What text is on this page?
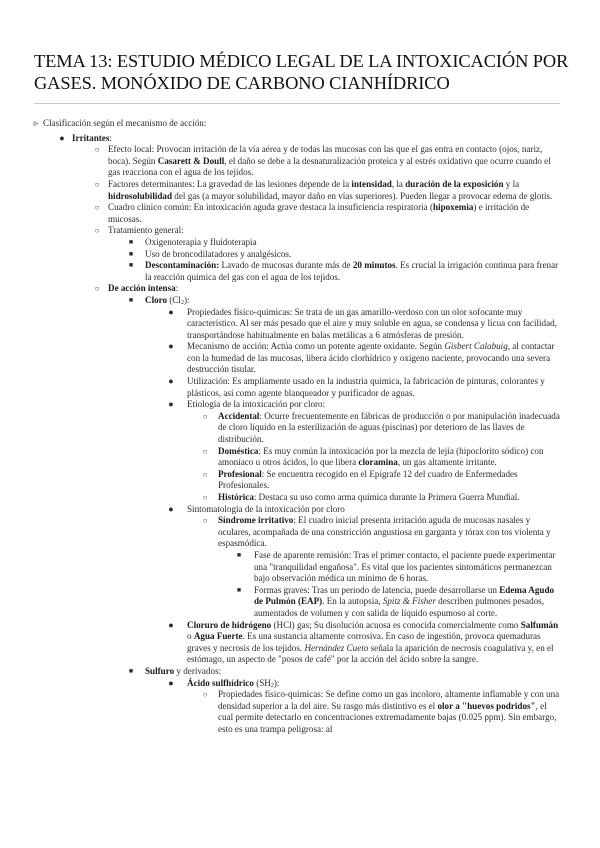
TEMA 13: ESTUDIO MÉDICO LEGAL DE LA INTOXICACIÓN POR GASES. MONÓXIDO DE CARBONO CIANHÍDRICO
▹ Clasificación según el mecanismo de acción:
● Irritantes:
○ Efecto local: Provocan irritación de la vía aérea y de todas las mucosas con las que el gas entra en contacto (ojos, nariz, boca). Según Casarett & Doull, el daño se debe a la desnaturalización proteica y al estrés oxidativo que ocurre cuando el gas reacciona con el agua de los tejidos.
○ Factores determinantes: La gravedad de las lesiones depende de la intensidad, la duración de la exposición y la hidrosolubilidad del gas (a mayor solubilidad, mayor daño en vías superiores). Pueden llegar a provocar edema de glotis.
○ Cuadro clínico común: En intoxicación aguda grave destaca la insuficiencia respiratoria (hipoxemia) e irritación de mucosas.
○ Tratamiento general:
■	Oxigenoterapia y fluidoterapia
■	Uso de broncodilatadores y analgésicos.
■	Descontaminación: Lavado de mucosas durante más de 20 minutos. Es crucial la irrigación continua para frenar la reacción química del gas con el agua de los tejidos.
○ De acción intensa:
■	Cloro $(Cl_2)$:
●	Propiedades físico-químicas: Se trata de un gas amarillo-verdoso con un olor sofocante muy característico. Al ser más pesado que el aire y muy soluble en agua, se condensa y licua con facilidad, transportándose habitualmente en balas metálicas a 6 atmósferas de presión.
●	Mecanismo de acción: Actúa como un potente agente oxidante. Según Gisbert Calabuig, al contactar con la humedad de las mucosas, libera ácido clorhídrico y oxígeno naciente, provocando una severa destrucción tisular.
●	Utilización: Es ampliamente usado en la industria química, la fabricación de pinturas, colorantes y plásticos, así como agente blanqueador y purificador de aguas.
●	Etiología de la intoxicación por cloro:
○	Accidental: Ocurre frecuentemente en fábricas de producción o por manipulación inadecuada de cloro líquido en la esterilización de aguas (piscinas) por deterioro de las llaves de distribución.
○	Doméstica: Es muy común la intoxicación por la mezcla de lejía (hipoclorito sódico) con amoníaco u otros ácidos, lo que libera cloramina, un gas altamente irritante.
○	Profesional: Se encuentra recogido en el Epígrafe 12 del cuadro de Enfermedades Profesionales.
○	Histórica: Destaca su uso como arma química durante la Primera Guerra Mundial.
●	Sintomatología de la intoxicación por cloro
○	Síndrome irritativo: El cuadro inicial presenta irritación aguda de mucosas nasales y oculares, acompañada de una constricción angustiosa en garganta y tórax con tos violenta y espasmódica.
■	Fase de aparente remisión: Tras el primer contacto, el paciente puede experimentar una "tranquilidad engañosa". Es vital que los pacientes sintomáticos permanezcan bajo observación médica un mínimo de 6 horas.
■	Formas graves: Tras un periodo de latencia, puede desarrollarse un Edema Agudo de Pulmón (EAP). En la autopsia, Spitz & Fisher describen pulmones pesados, aumentados de volumen y con salida de líquido espumoso al corte.
●	Cloruro de hidrógeno (HCl) gas; Su disolución acuosa es conocida comercialmente como Salfumán o Agua Fuerte. Es una sustancia altamente corrosiva. En caso de ingestión, provoca quemaduras graves y necrosis de los tejidos. Hernández Cueto señala la aparición de necrosis coagulativa y, en el estómago, un aspecto de "posos de café" por la acción del ácido sobre la sangre.
■	Sulfuro y derivados:
●	Ácido sulfhídrico $(SH_2)$:
○	Propiedades físico-químicas: Se define como un gas incoloro, altamente inflamable y con una densidad superior a la del aire. Su rasgo más distintivo es el olor a "huevos podridos", el cual permite detectarlo en concentraciones extremadamente bajas (0.025 ppm). Sin embargo, esto es una trampa peligrosa: al
